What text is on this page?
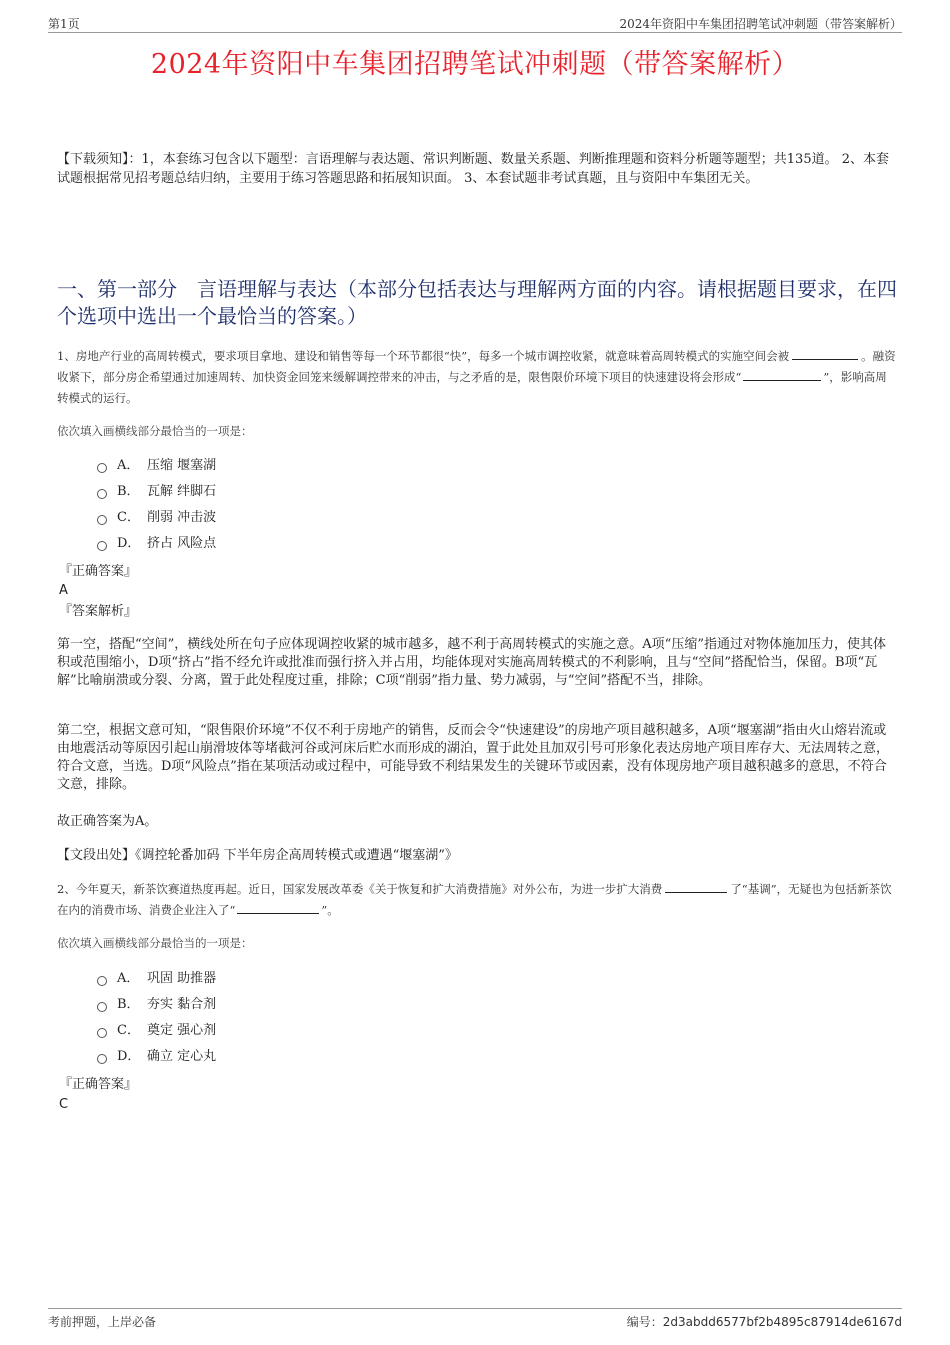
第1页	2024年资阳中车集团招聘笔试冲刺题（带答案解析）
2024年资阳中车集团招聘笔试冲刺题（带答案解析）
【下载须知】：1，本套练习包含以下题型：言语理解与表达题、常识判断题、数量关系题、判断推理题和资料分析题等题型；共135道。 2、本套试题根据常见招考题总结归纳，主要用于练习答题思路和拓展知识面。 3、本套试题非考试真题，且与资阳中车集团无关。
一、第一部分　言语理解与表达（本部分包括表达与理解两方面的内容。请根据题目要求，在四个选项中选出一个最恰当的答案。）
1、房地产行业的高周转模式，要求项目拿地、建设和销售等每一个环节都很“快”，每多一个城市调控收紧，就意味着高周转模式的实施空间会被	。融资收紧下，部分房企希望通过加速周转、加快资金回笼来缓解调控带来的冲击，与之矛盾的是，限售限价环境下项目的快速建设将会形成“	”，影响高周转模式的运行。
依次填入画横线部分最恰当的一项是：
A． 压缩 堰塞湖
B． 瓦解 绊脚石
C． 削弱 冲击波
D． 挤占 风险点
『正确答案』
A
『答案解析』
第一空，搭配“空间”，横线处所在句子应体现调控收紧的城市越多，越不利于高周转模式的实施之意。A项“压缩”指通过对物体施加压力，使其体积或范围缩小，D项“挤占”指不经允许或批准而强行挤入并占用，均能体现对实施高周转模式的不利影响，且与“空间”搭配恰当，保留。B项“瓦解”比喻崩溃或分裂、分离，置于此处程度过重，排除；C项“削弱”指力量、势力减弱，与“空间”搭配不当，排除。
第二空，根据文意可知，“限售限价环境”不仅不利于房地产的销售，反而会令“快速建设”的房地产项目越积越多，A项“堰塞湖”指由火山熔岩流或由地震活动等原因引起山崩滑坡体等堵截河谷或河床后贮水而形成的湖泊，置于此处且加双引号可形象化表达房地产项目库存大、无法周转之意，符合文意，当选。D项“风险点”指在某项活动或过程中，可能导致不利结果发生的关键环节或因素，没有体现房地产项目越积越多的意思，不符合文意，排除。
故正确答案为A。
【文段出处】《调控轮番加码 下半年房企高周转模式或遭遇“堰塞湖”》
2、今年夏天，新茶饮赛道热度再起。近日，国家发展改革委《关于恢复和扩大消费措施》对外公布，为进一步扩大消费	了“基调”，无疑也为包括新茶饮在内的消费市场、消费企业注入了“	”。
依次填入画横线部分最恰当的一项是：
A． 巩固 助推器
B． 夯实 黏合剂
C． 奠定 强心剂
D． 确立 定心丸
『正确答案』
C
考前押题，上岸必备	编号：2d3abdd6577bf2b4895c87914de6167d
